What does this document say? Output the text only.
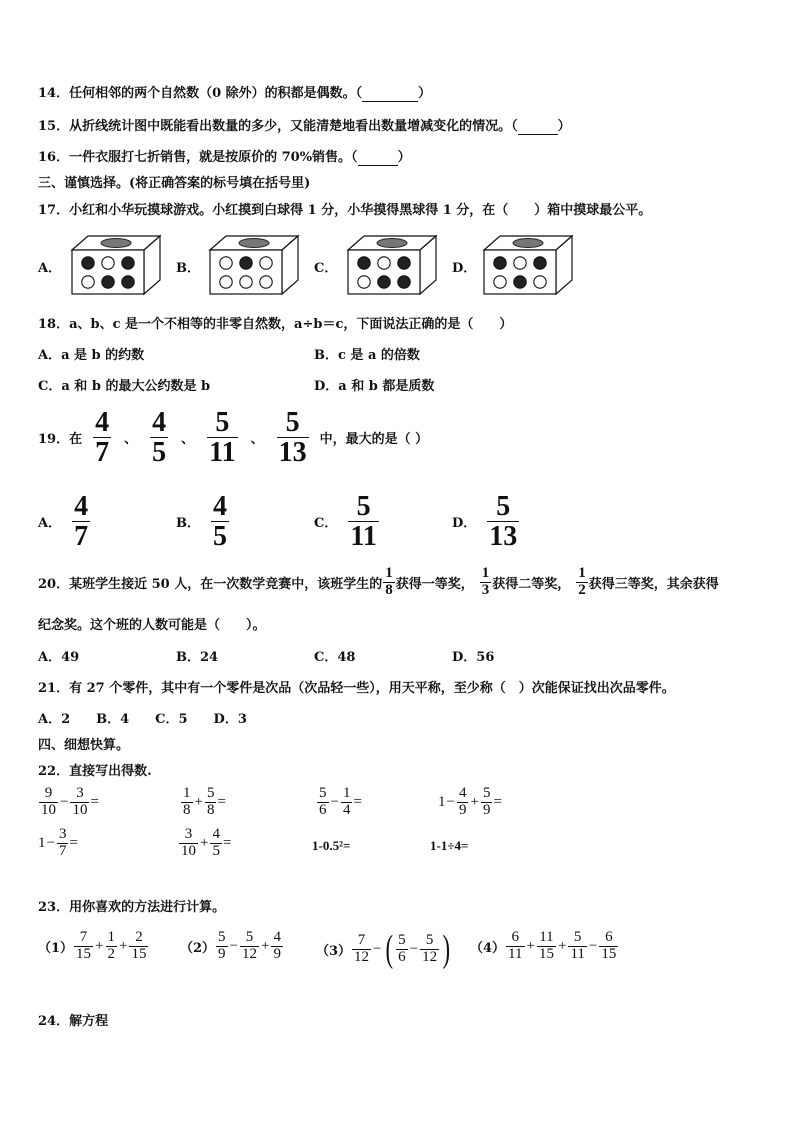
14．任何相邻的两个自然数（0 除外）的积都是偶数。（	）
15．从折线统计图中既能看出数量的多少，又能清楚地看出数量增减变化的情况。（	）
16．一件衣服打七折销售，就是按原价的 70%销售。（	）
三、谨慎选择。(将正确答案的标号填在括号里)
17．小红和小华玩摸球游戏。小红摸到白球得 1 分，小华摸得黑球得 1 分，在（　　）箱中摸球最公平。
A．	B．	C．	D．
18．a、b、c 是一个不相等的非零自然数，a÷b＝c，下面说法正确的是（　　）
A．a 是 b 的约数	B．c 是 a 的倍数
C．a 和 b 的最大公约数是 b	D．a 和 b 都是质数
19．在 $\frac{4}{7}$ 、 $\frac{4}{5}$ 、 $\frac{5}{11}$ 、 $\frac{5}{13}$ 中，最大的是（ ）
A． $\frac{4}{7}$	B． $\frac{4}{5}$	C． $\frac{5}{11}$	D． $\frac{5}{13}$
20．某班学生接近 50 人，在一次数学竞赛中，该班学生的 $\frac{1}{8}$ 获得一等奖， $\frac{1}{3}$ 获得二等奖， $\frac{1}{2}$ 获得三等奖，其余获得
纪念奖。这个班的人数可能是（　　）。
A．49	B．24	C．48	D．56
21．有 27 个零件，其中有一个零件是次品（次品轻一些），用天平称，至少称（　）次能保证找出次品零件。
A．2　　B．4　　C．5　　D．3
四、细想快算。
22．直接写出得数.
$\frac{9}{10} - \frac{3}{10}$ =	$\frac{1}{8} + \frac{5}{8}$ =	$\frac{5}{6} - \frac{1}{4}$ =	$1 - \frac{4}{9} + \frac{5}{9}$ =
$1 - \frac{3}{7}$ =	$\frac{3}{10} + \frac{4}{5}$ =	1-0.5²=	1-1÷4=
23．用你喜欢的方法进行计算。
$(1) \frac{7}{15} + \frac{1}{2} + \frac{2}{15} (2) \frac{5}{9} - \frac{5}{12} + \frac{4}{9}$	$(3) \frac{7}{12}$ − ( $\frac{5}{6} - \frac{5}{12}$ ) $(4) \frac{6}{11} + \frac{11}{15} + \frac{5}{11} - \frac{6}{15}$
24．解方程
